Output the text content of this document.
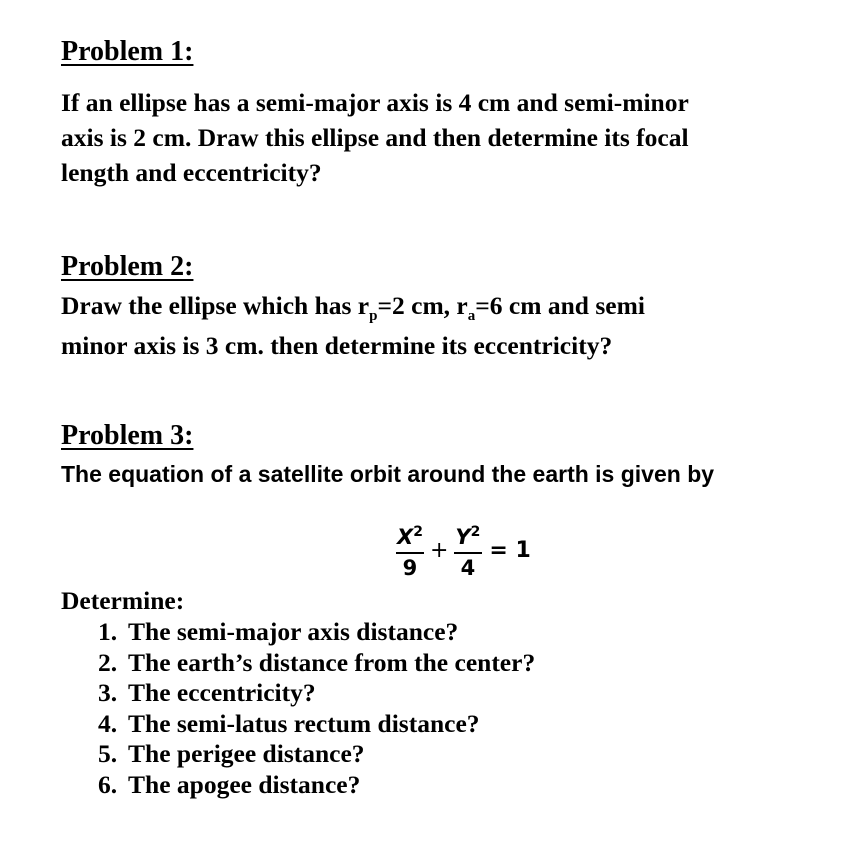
Problem 1:

If an ellipse has a semi-major axis is 4 cm and semi-minor
axis is 2 cm. Draw this ellipse and then determine its focal
length and eccentricity?

Problem 2:

Draw the ellipse which has $r_p=2$ cm, $r_a=6$ cm and semi
minor axis is 3 cm. then determine its eccentricity?

Problem 3:

The equation of a satellite orbit around the earth is given by

$\frac{X^2}{9} + \frac{Y^2}{4} = 1$

Determine:

1. The semi-major axis distance?
2. The earth’s distance from the center?
3. The eccentricity?
4. The semi-latus rectum distance?
5. The perigee distance?
6. The apogee distance?
